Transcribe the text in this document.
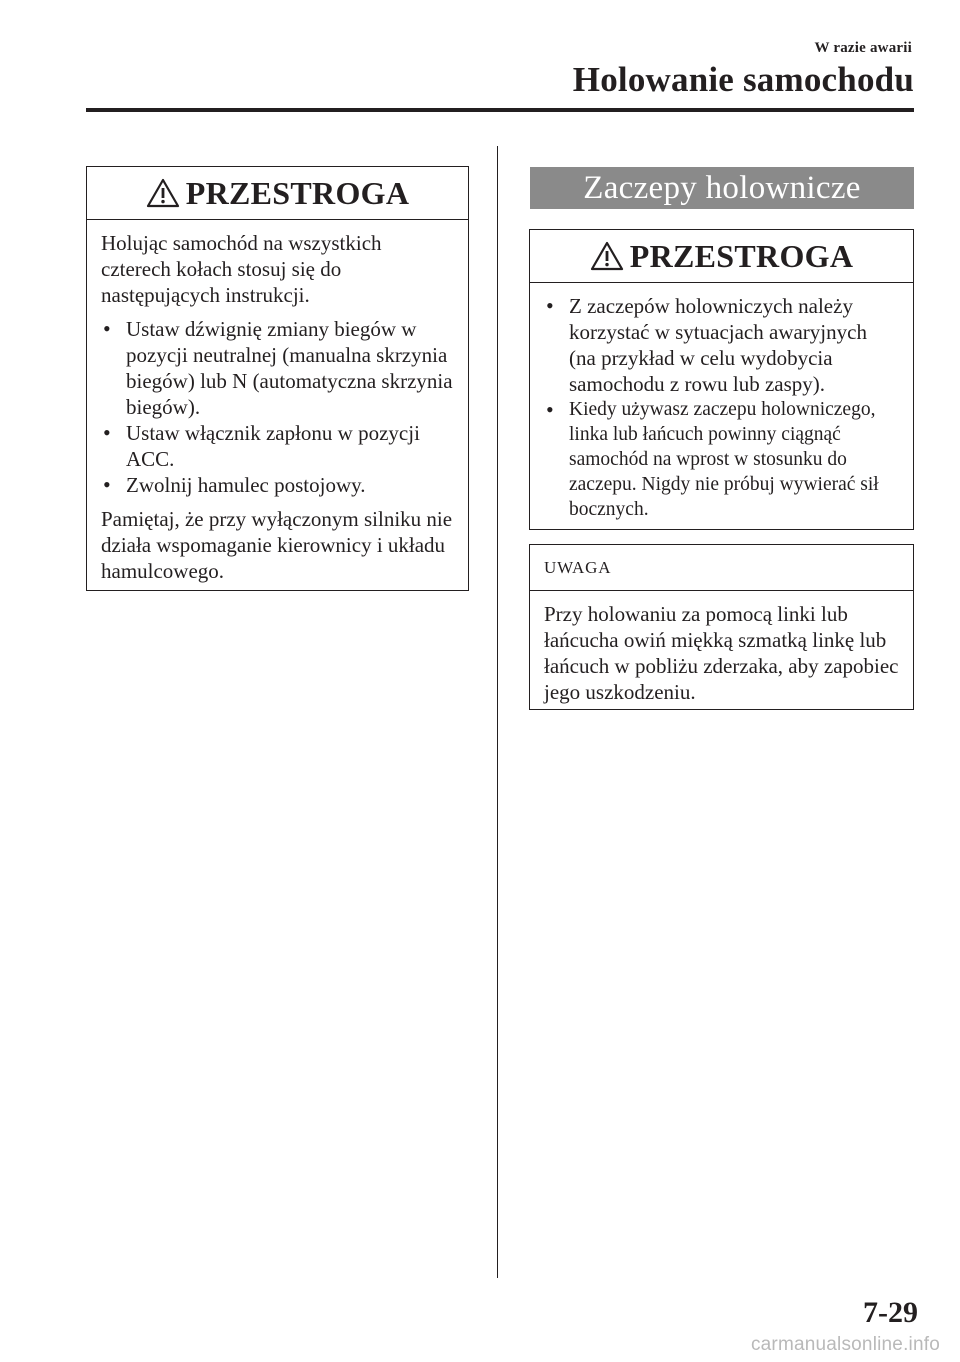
W razie awarii
Holowanie samochodu
PRZESTROGA

Holując samochód na wszystkich czterech kołach stosuj się do następujących instrukcji.

• Ustaw dźwignię zmiany biegów w pozycji neutralnej (manualna skrzynia biegów) lub N (automatyczna skrzynia biegów).
• Ustaw włącznik zapłonu w pozycji ACC.
• Zwolnij hamulec postojowy.

Pamiętaj, że przy wyłączonym silniku nie działa wspomaganie kierownicy i układu hamulcowego.

Zaczepy holownicze
PRZESTROGA
• Z zaczepów holowniczych należy korzystać w sytuacjach awaryjnych (na przykład w celu wydobycia samochodu z rowu lub zaspy).
• Kiedy używasz zaczepu holowniczego, linka lub łańcuch powinny ciągnąć samochód na wprost w stosunku do zaczepu. Nigdy nie próbuj wywierać sił bocznych.
UWAGA

Przy holowaniu za pomocą linki lub łańcucha owiń miękką szmatką linkę lub łańcuch w pobliżu zderzaka, aby zapobiec jego uszkodzeniu.

7-29
carmanualsonline.info
